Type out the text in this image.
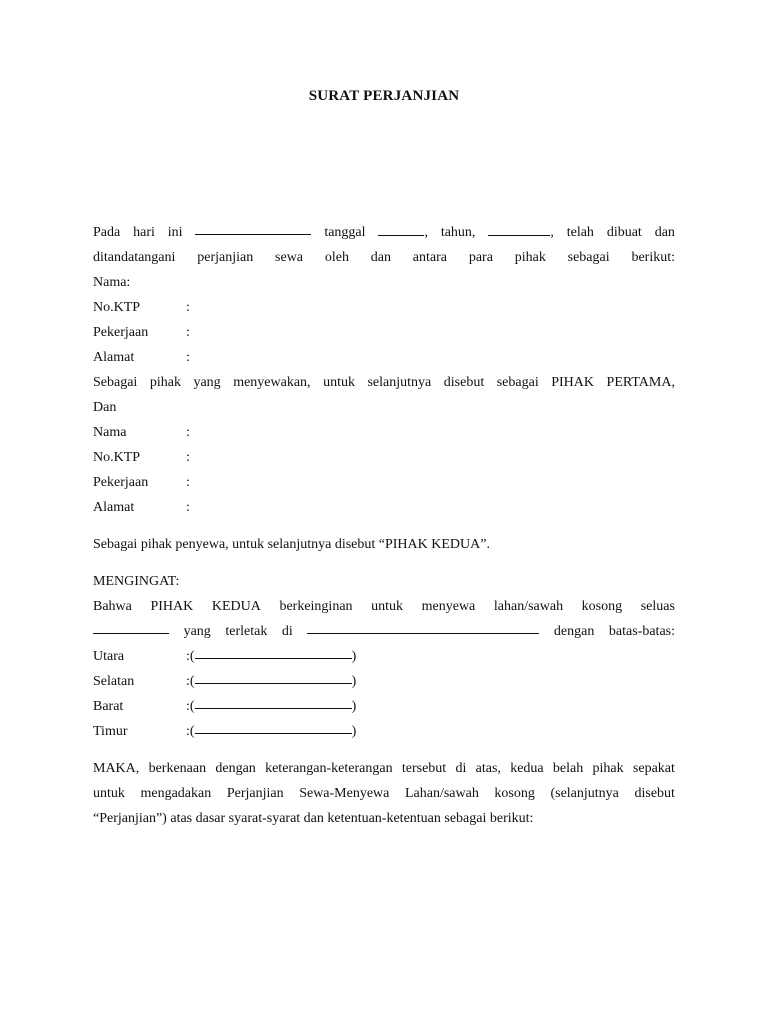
SURAT PERJANJIAN
Pada hari ini	tanggal	, tahun,	, telah dibuat dan
ditandatangani perjanjian sewa oleh dan antara para pihak sebagai berikut:
Nama:
No.KTP	:
Pekerjaan	:
Alamat	:
Sebagai pihak yang menyewakan, untuk selanjutnya disebut sebagai PIHAK PERTAMA,
Dan
Nama	:
No.KTP	:
Pekerjaan	:
Alamat	:
Sebagai pihak penyewa, untuk selanjutnya disebut “PIHAK KEDUA”.
MENGINGAT:
Bahwa PIHAK KEDUA berkeinginan untuk menyewa lahan/sawah kosong seluas
yang terletak di	dengan batas-batas:
Utara	:(	)
Selatan	:(	)
Barat	:(	)
Timur	:(	)
MAKA, berkenaan dengan keterangan-keterangan tersebut di atas, kedua belah pihak sepakat
untuk mengadakan Perjanjian Sewa-Menyewa Lahan/sawah kosong (selanjutnya disebut
“Perjanjian”) atas dasar syarat-syarat dan ketentuan-ketentuan sebagai berikut:
